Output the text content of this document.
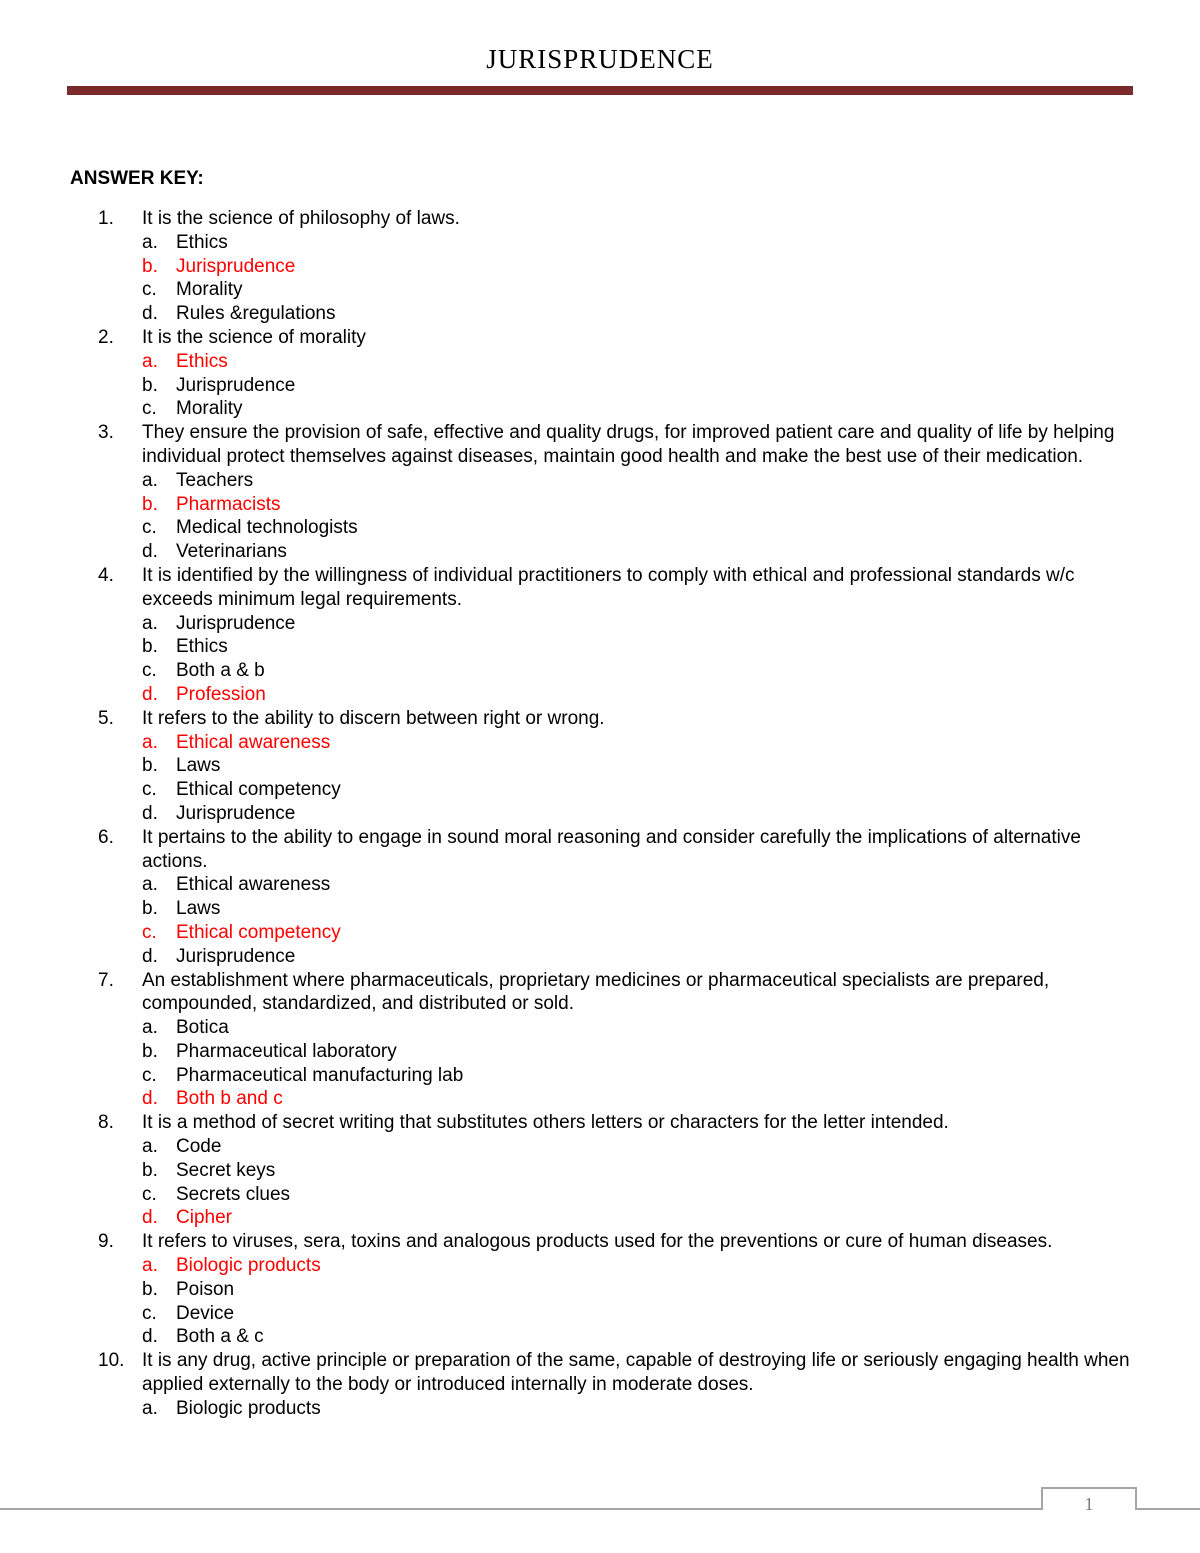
JURISPRUDENCE
ANSWER KEY:
1.	It is the science of philosophy of laws.
a. Ethics
b. Jurisprudence
c.	Morality
d. Rules &regulations
2.	It is the science of morality
a. Ethics
b. Jurisprudence
c.	Morality
3.	They ensure the provision of safe, effective and quality drugs, for improved patient care and quality of life by helping individual protect themselves against diseases, maintain good health and make the best use of their medication.
a. Teachers
b. Pharmacists
c.	Medical technologists
d. Veterinarians
4.	It is identified by the willingness of individual practitioners to comply with ethical and professional standards w/c exceeds minimum legal requirements.
a. Jurisprudence
b. Ethics
c.	Both a & b
d. Profession
5.	It refers to the ability to discern between right or wrong.
a. Ethical awareness
b. Laws
c.	Ethical competency
d. Jurisprudence
6.	It pertains to the ability to engage in sound moral reasoning and consider carefully the implications of alternative actions.
a. Ethical awareness
b. Laws
c.	Ethical competency
d. Jurisprudence
7.	An establishment where pharmaceuticals, proprietary medicines or pharmaceutical specialists are prepared, compounded, standardized, and distributed or sold.
a. Botica
b. Pharmaceutical laboratory
c.	Pharmaceutical manufacturing lab
d. Both b and c
8.	It is a method of secret writing that substitutes others letters or characters for the letter intended.
a. Code
b. Secret keys
c.	Secrets clues
d. Cipher
9.	It refers to viruses, sera, toxins and analogous products used for the preventions or cure of human diseases.
a. Biologic products
b. Poison
c.	Device
d. Both a & c
10. It is any drug, active principle or preparation of the same, capable of destroying life or seriously engaging health when applied externally to the body or introduced internally in moderate doses.
a. Biologic products
1
